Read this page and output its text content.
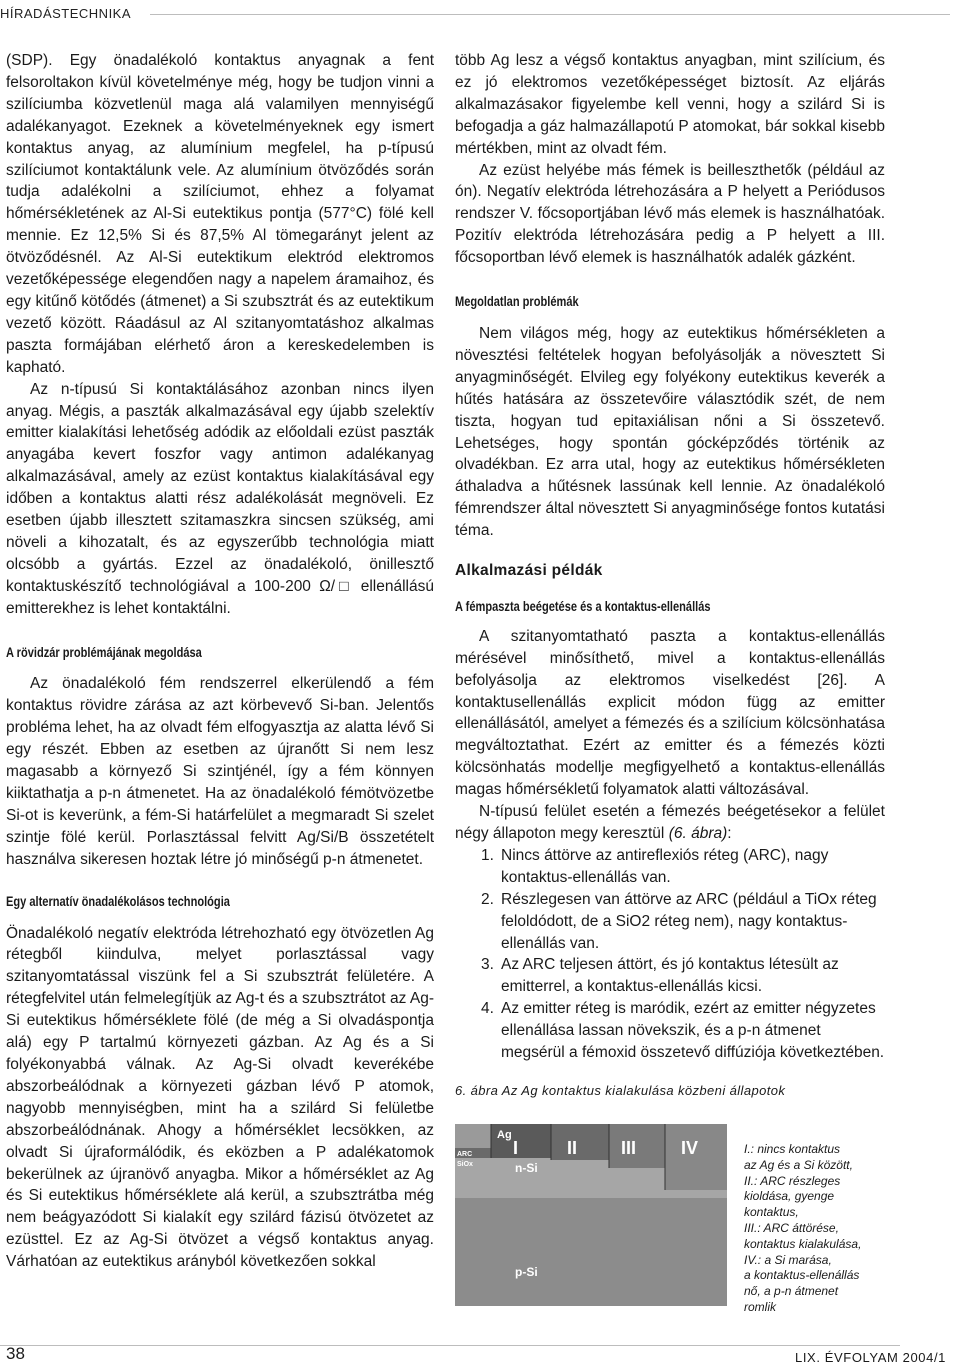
HÍRADÁSTECHNIKA

(SDP). Egy önadalékoló kontaktus anyagnak a fent felsoroltakon kívül követelménye még, hogy be tudjon vinni a szilíciumba közvetlenül maga alá valamilyen mennyiségű adalékanyagot. Ezeknek a követelményeknek egy ismert kontaktus anyag, az alumínium megfelel, ha p-típusú szilíciumot kontaktálunk vele. Az alumínium ötvöződés során tudja adalékolni a szilíciumot, ehhez a folyamat hőmérsékletének az Al-Si eutektikus pontja (577°C) fölé kell mennie. Ez 12,5% Si és 87,5% Al tömegarányt jelent az ötvöződésnél. Az Al-Si eutektikum elektród elektromos vezetőképessége elegendően nagy a napelem áramaihoz, és egy kitűnő kötődés (átmenet) a Si szubsztrát és az eutektikum vezető között. Ráadásul az Al szitanyomtatáshoz alkalmas paszta formájában elérhető áron a kereskedelemben is kapható.

Az n-típusú Si kontaktálásához azonban nincs ilyen anyag. Mégis, a paszták alkalmazásával egy újabb szelektív emitter kialakítási lehetőség adódik az előoldali ezüst paszták anyagába kevert foszfor vagy antimon adalékanyag alkalmazásával, amely az ezüst kontaktus kialakításával egy időben a kontaktus alatti rész adalékolását megnöveli. Ez esetben újabb illesztett szitamaszkra sincsen szükség, ami növeli a kihozatalt, és az egyszerűbb technológia miatt olcsóbb a gyártás. Ezzel az önadalékoló, önillesztő kontaktuskészítő technológiával a 100-200 Ω/□ ellenállású emitterekhez is lehet kontaktálni.

A rövidzár problémájának megoldása

Az önadalékoló fém rendszerrel elkerülendő a fém kontaktus rövidre zárása az azt körbevevő Si-ban. Jelentős probléma lehet, ha az olvadt fém elfogyasztja az alatta lévő Si egy részét. Ebben az esetben az újranőtt Si nem lesz magasabb a környező Si szintjénél, így a fém könnyen kiiktathatja a p-n átmenetet. Ha az önadalékoló fémötvözetbe Si-ot is keverünk, a fém-Si határfelület a megmaradt Si szelet szintje fölé kerül. Porlasztással felvitt Ag/Si/B összetételt használva sikeresen hoztak létre jó minőségű p-n átmenetet.

Egy alternatív önadalékolásos technológia

Önadalékoló negatív elektróda létrehozható egy ötvözetlen Ag rétegből kiindulva, melyet porlasztással vagy szitanyomtatással viszünk fel a Si szubsztrát felületére. A rétegfelvitel után felmelegítjük az Ag-t és a szubsztrátot az Ag-Si eutektikus hőmérséklete fölé (de még a Si olvadáspontja alá) egy P tartalmú környezeti gázban. Az Ag és a Si folyékonyabbá válnak. Az Ag-Si olvadt keverékébe abszorbeálódnak a környezeti gázban lévő P atomok, nagyobb mennyiségben, mint ha a szilárd Si felületbe abszorbeálódnának. Ahogy a hőmérséklet lecsökken, az olvadt Si újraformálódik, és eközben a P adalékatomok bekerülnek az újranövő anyagba. Mikor a hőmérséklet az Ag és Si eutektikus hőmérséklete alá kerül, a szubsztrátba még nem beágyazódott Si kialakít egy szilárd fázisú ötvözetet az ezüsttel. Ez az Ag-Si ötvözet a végső kontaktus anyag. Várhatóan az eutektikus arányból következően sokkal

több Ag lesz a végső kontaktus anyagban, mint szilícium, és ez jó elektromos vezetőképességet biztosít. Az eljárás alkalmazásakor figyelembe kell venni, hogy a szilárd Si is befogadja a gáz halmazállapotú P atomokat, bár sokkal kisebb mértékben, mint az olvadt fém.

Az ezüst helyébe más fémek is beilleszthetők (például az ón). Negatív elektróda létrehozására a P helyett a Periódusos rendszer V. főcsoportjában lévő más elemek is használhatóak. Pozitív elektróda létrehozására pedig a P helyett a III. főcsoportban lévő elemek is használhatók adalék gázként.

Megoldatlan problémák

Nem világos még, hogy az eutektikus hőmérsékleten a növesztési feltételek hogyan befolyásolják a növesztett Si anyagminőségét. Elvileg egy folyékony eutektikus keverék a hűtés hatására az összetevőire választódik szét, de nem tiszta, hogyan tud epitaxiálisan nőni a Si összetevő. Lehetséges, hogy spontán gócképződés történik az olvadékban. Ez arra utal, hogy az eutektikus hőmérsékleten áthaladva a hűtésnek lassúnak kell lennie. Az önadalékoló fémrendszer által növesztett Si anyagminősége fontos kutatási téma.

Alkalmazási példák

A fémpaszta beégetése és a kontaktus-ellenállás

A szitanyomtatható paszta a kontaktus-ellenállás mérésével minősíthető, mivel a kontaktus-ellenállás befolyásolja az elektromos viselkedést [26]. A kontaktusellenállás explicit módon függ az emitter ellenállásától, amelyet a fémezés és a szilícium kölcsönhatása megváltoztathat. Ezért az emitter és a fémezés közti kölcsönhatás modellje megfigyelhető a kontaktus-ellenállás magas hőmérsékletű folyamatok alatti változásával.

N-típusú felület esetén a fémezés beégetésekor a felület négy állapoton megy keresztül (6. ábra):

1. Nincs áttörve az antireflexiós réteg (ARC), nagy kontaktus-ellenállás van.
2. Részlegesen van áttörve az ARC (például a TiOx réteg feloldódott, de a SiO2 réteg nem), nagy kontaktus-ellenállás van.
3. Az ARC teljesen áttört, és jó kontaktus létesült az emitterrel, a kontaktus-ellenállás kicsi.
4. Az emitter réteg is maródik, ezért az emitter négyzetes ellenállása lassan növekszik, és a p-n átmenet megsérül a fémoxid összetevő diffúziója következtében.

6. ábra Az Ag kontaktus kialakulása közbeni állapotok

Ag
ARC
SiOx	n-Si
p-Si
I	II III IV	I.: nincs kontaktus
az Ag és a Si között,
II.: ARC részleges
kioldása, gyenge
kontaktus,
III.: ARC áttörése,
kontaktus kialakulása,
IV.: a Si marása,
a kontaktus-ellenállás
nő, a p-n átmenet
romlik
38	LIX. ÉVFOLYAM 2004/1
